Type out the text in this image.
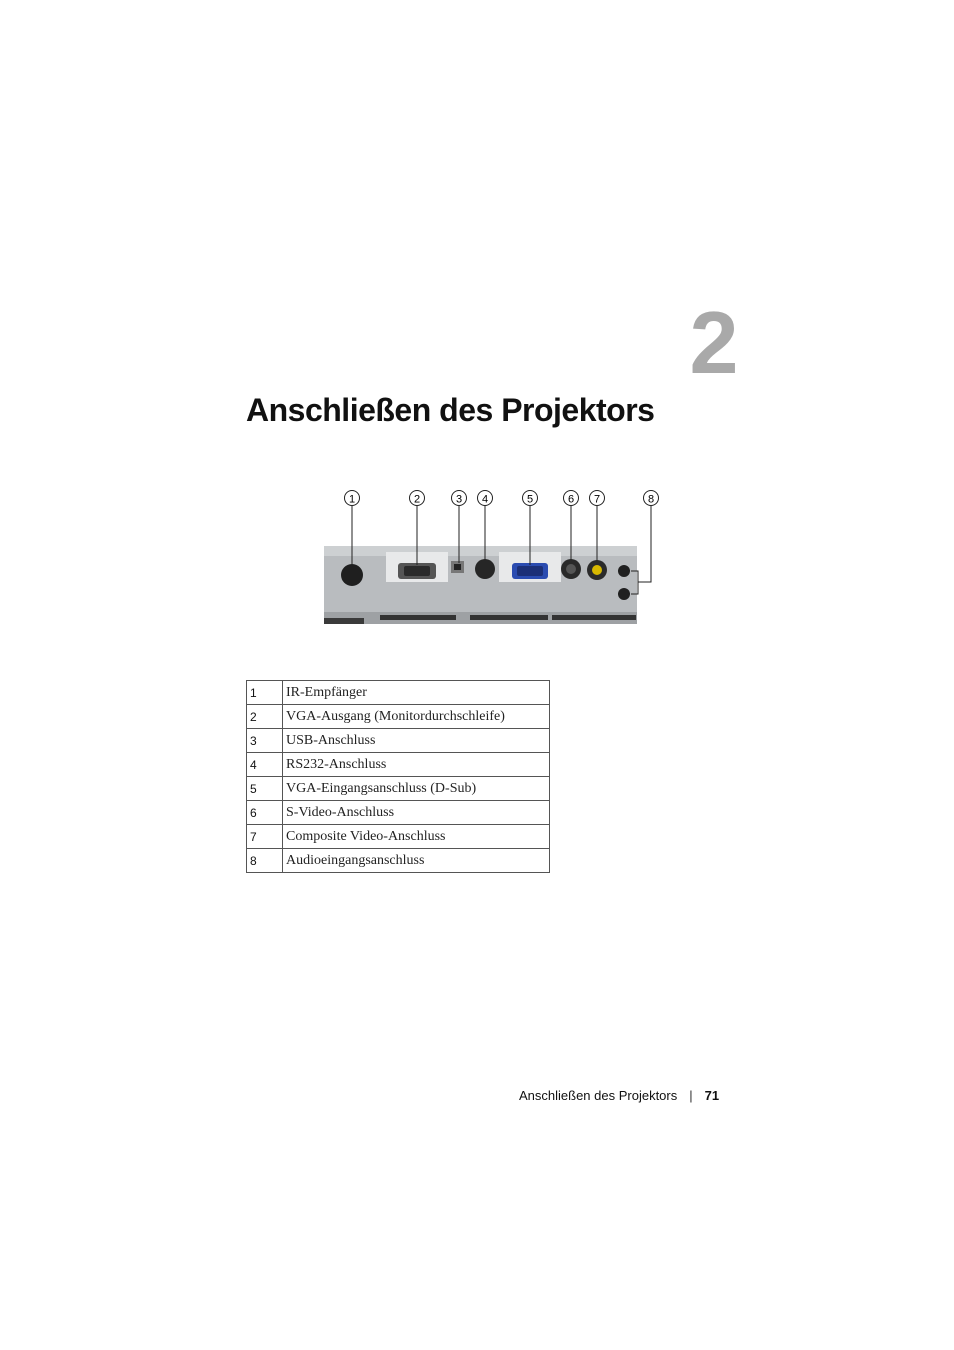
2
Anschließen des Projektors
1	2	3 4	5	6 7	8
1	IR-Empfänger
2	VGA-Ausgang (Monitordurchschleife)
3	USB-Anschluss
4	RS232-Anschluss
5	VGA-Eingangsanschluss (D-Sub)
6	S-Video-Anschluss
7	Composite Video-Anschluss
8	Audioeingangsanschluss
Anschließen des Projektors | 71
